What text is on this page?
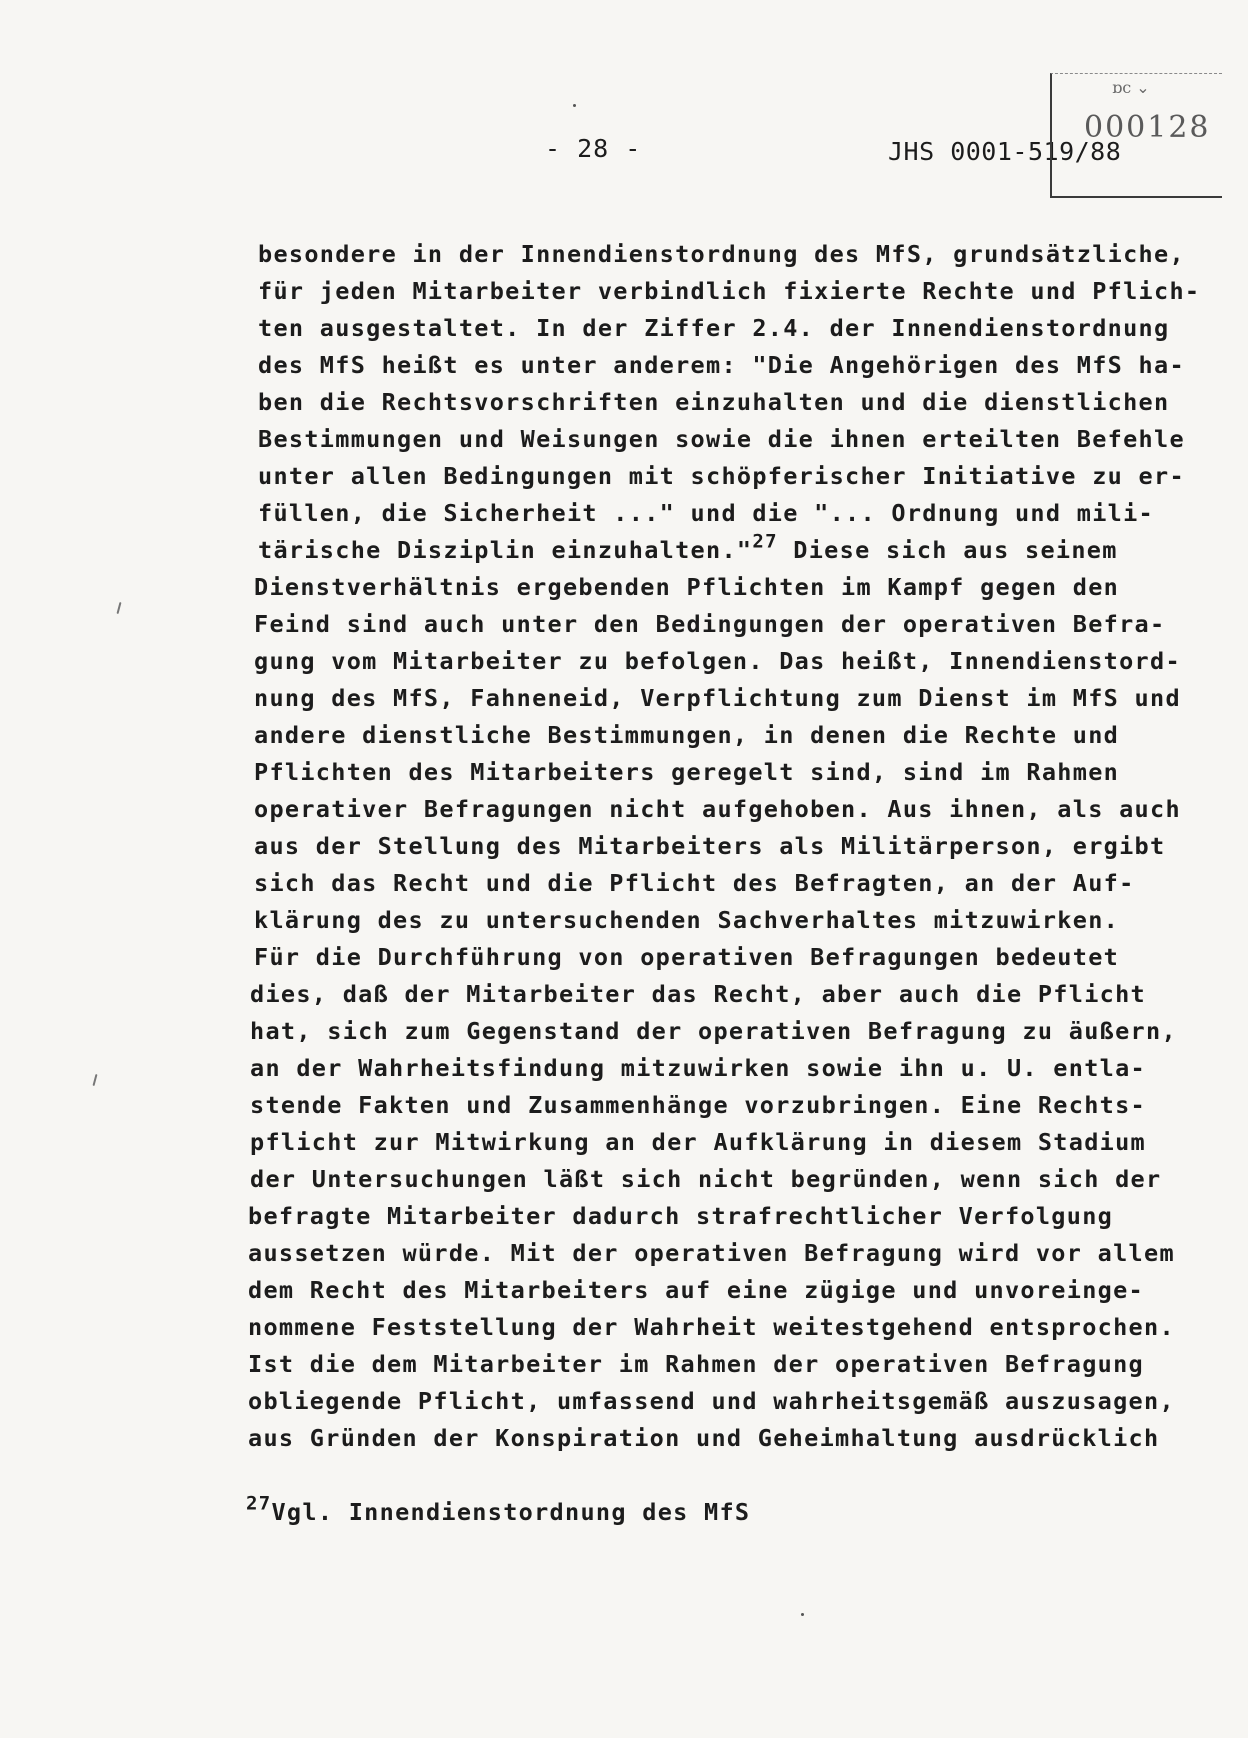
- 28 -	JHS 0001-519/88
ɒc ⌄
000128
besondere in der Innendienstordnung des MfS, grundsätzliche,
für jeden Mitarbeiter verbindlich fixierte Rechte und Pflich-
ten ausgestaltet. In der Ziffer 2.4. der Innendienstordnung
des MfS heißt es unter anderem: "Die Angehörigen des MfS ha-
ben die Rechtsvorschriften einzuhalten und die dienstlichen
Bestimmungen und Weisungen sowie die ihnen erteilten Befehle
unter allen Bedingungen mit schöpferischer Initiative zu er-
füllen, die Sicherheit ..." und die "... Ordnung und mili-
tärische Disziplin einzuhalten."$^{27}$ Diese sich aus seinem
Dienstverhältnis ergebenden Pflichten im Kampf gegen den
Feind sind auch unter den Bedingungen der operativen Befra-
gung vom Mitarbeiter zu befolgen. Das heißt, Innendienstord-
nung des MfS, Fahneneid, Verpflichtung zum Dienst im MfS und
andere dienstliche Bestimmungen, in denen die Rechte und
Pflichten des Mitarbeiters geregelt sind, sind im Rahmen
operativer Befragungen nicht aufgehoben. Aus ihnen, als auch
aus der Stellung des Mitarbeiters als Militärperson, ergibt
sich das Recht und die Pflicht des Befragten, an der Auf-
klärung des zu untersuchenden Sachverhaltes mitzuwirken.
Für die Durchführung von operativen Befragungen bedeutet
dies, daß der Mitarbeiter das Recht, aber auch die Pflicht
hat, sich zum Gegenstand der operativen Befragung zu äußern,
an der Wahrheitsfindung mitzuwirken sowie ihn u. U. entla-
stende Fakten und Zusammenhänge vorzubringen. Eine Rechts-
pflicht zur Mitwirkung an der Aufklärung in diesem Stadium
der Untersuchungen läßt sich nicht begründen, wenn sich der
befragte Mitarbeiter dadurch strafrechtlicher Verfolgung
aussetzen würde. Mit der operativen Befragung wird vor allem
dem Recht des Mitarbeiters auf eine zügige und unvoreinge-
nommene Feststellung der Wahrheit weitestgehend entsprochen.
Ist die dem Mitarbeiter im Rahmen der operativen Befragung
obliegende Pflicht, umfassend und wahrheitsgemäß auszusagen,
aus Gründen der Konspiration und Geheimhaltung ausdrücklich
$^{27}$Vgl. Innendienstordnung des MfS
